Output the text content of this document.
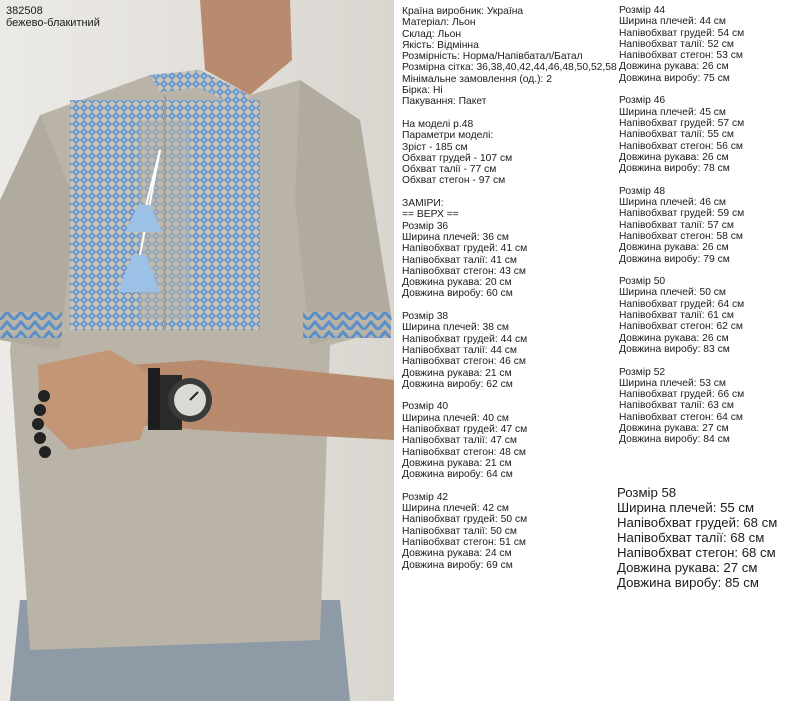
382508
бежево-блакитний
Країна виробник: Україна
Матеріал: Льон
Склад: Льон
Якість: Відмінна
Розмірність: Норма/Напівбатал/Батал
Розмірна сітка: 36,38,40,42,44,46,48,50,52,58
Мінімальне замовлення (од.): 2
Бірка: Ні
Пакування: Пакет
На моделі р.48
Параметри моделі:
Зріст - 185 см
Обхват грудей - 107 см
Обхват талії - 77 см
Обхват стегон - 97 см
ЗАМІРИ:
== ВЕРХ ==
Розмір 36
Ширина плечей: 36 см
Напівобхват грудей: 41 см
Напівобхват талії: 41 см
Напівобхват стегон: 43 см
Довжина рукава: 20 см
Довжина виробу: 60 см
Розмір 38
Ширина плечей: 38 см
Напівобхват грудей: 44 см
Напівобхват талії: 44 см
Напівобхват стегон: 46 см
Довжина рукава: 21 см
Довжина виробу: 62 см
Розмір 40
Ширина плечей: 40 см
Напівобхват грудей: 47 см
Напівобхват талії: 47 см
Напівобхват стегон: 48 см
Довжина рукава: 21 см
Довжина виробу: 64 см
Розмір 42
Ширина плечей: 42 см
Напівобхват грудей: 50 см
Напівобхват талії: 50 см
Напівобхват стегон: 51 см
Довжина рукава: 24 см
Довжина виробу: 69 см
Розмір 44
Ширина плечей: 44 см
Напівобхват грудей: 54 см
Напівобхват талії: 52 см
Напівобхват стегон: 53 см
Довжина рукава: 26 см
Довжина виробу: 75 см
Розмір 46
Ширина плечей: 45 см
Напівобхват грудей: 57 см
Напівобхват талії: 55 см
Напівобхват стегон: 56 см
Довжина рукава: 26 см
Довжина виробу: 78 см
Розмір 48
Ширина плечей: 46 см
Напівобхват грудей: 59 см
Напівобхват талії: 57 см
Напівобхват стегон: 58 см
Довжина рукава: 26 см
Довжина виробу: 79 см
Розмір 50
Ширина плечей: 50 см
Напівобхват грудей: 64 см
Напівобхват талії: 61 см
Напівобхват стегон: 62 см
Довжина рукава: 26 см
Довжина виробу: 83 см
Розмір 52
Ширина плечей: 53 см
Напівобхват грудей: 66 см
Напівобхват талії: 63 см
Напівобхват стегон: 64 см
Довжина рукава: 27 см
Довжина виробу: 84 см
Розмір 58
Ширина плечей: 55 см
Напівобхват грудей: 68 см
Напівобхват талії: 68 см
Напівобхват стегон: 68 см
Довжина рукава: 27 см
Довжина виробу: 85 см
